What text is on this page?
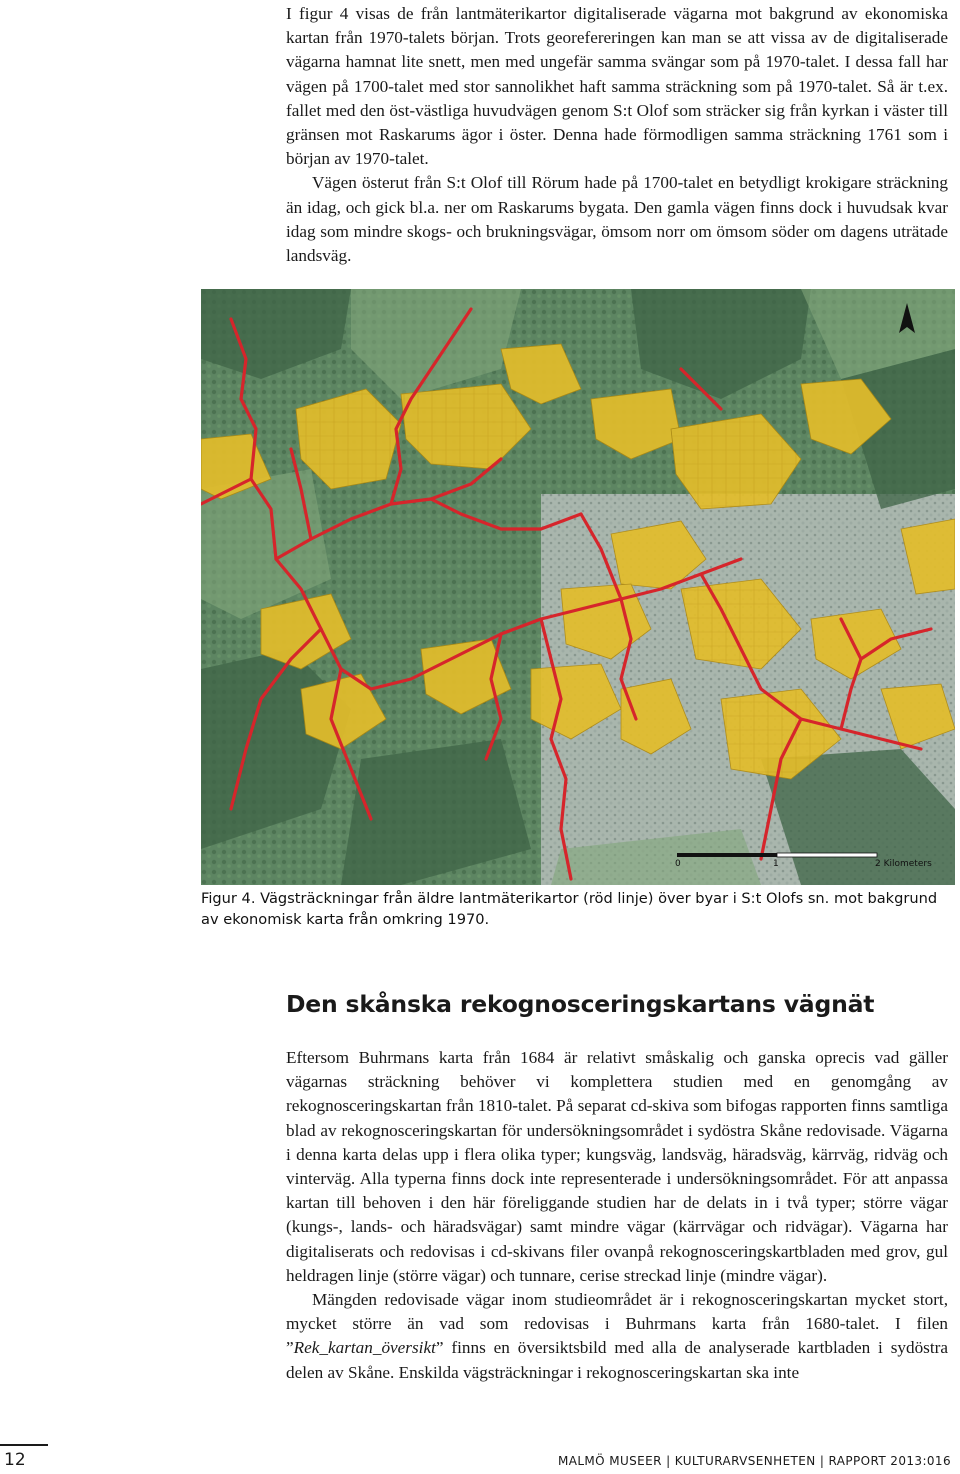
I figur 4 visas de från lantmäterikartor digitaliserade vägarna mot bakgrund av ekonomiska kartan från 1970-talets början. Trots georefereringen kan man se att vissa av de digitaliserade vägarna hamnat lite snett, men med ungefär samma svängar som på 1970-talet. I dessa fall har vägen på 1700-talet med stor sannolikhet haft samma sträckning som på 1970-talet. Så är t.ex. fallet med den öst-västliga huvudvägen genom S:t Olof som sträcker sig från kyrkan i väster till gränsen mot Raskarums ägor i öster. Denna hade förmodligen samma sträckning 1761 som i början av 1970-talet.

Vägen österut från S:t Olof till Rörum hade på 1700-talet en betydligt krokigare sträckning än idag, och gick bl.a. ner om Raskarums bygata. Den gamla vägen finns dock i huvudsak kvar idag som mindre skogs- och brukningsvägar, ömsom norr om ömsom söder om dagens uträtade landsväg.

0	1	2 Kilometers
Figur 4. Vägsträckningar från äldre lantmäterikartor (röd linje) över byar i S:t Olofs sn. mot bakgrund av ekonomisk karta från omkring 1970.
Den skånska rekognosceringskartans vägnät

Eftersom Buhrmans karta från 1684 är relativt småskalig och ganska oprecis vad gäller vägarnas sträckning behöver vi komplettera studien med en genomgång av rekognosceringskartan från 1810-talet. På separat cd-skiva som bifogas rapporten finns samtliga blad av rekognosceringskartan för undersökningsområdet i sydöstra Skåne redovisade. Vägarna i denna karta delas upp i flera olika typer; kungsväg, landsväg, häradsväg, kärrväg, ridväg och vinterväg. Alla typerna finns dock inte representerade i undersökningsområdet. För att anpassa kartan till behoven i den här föreliggande studien har de delats in i två typer; större vägar (kungs-, lands- och häradsvägar) samt mindre vägar (kärrvägar och ridvägar). Vägarna har digitaliserats och redovisas i cd-skivans filer ovanpå rekognosceringskartbladen med grov, gul heldragen linje (större vägar) och tunnare, cerise streckad linje (mindre vägar).

Mängden redovisade vägar inom studieområdet är i rekognosceringskartan mycket stort, mycket större än vad som redovisas i Buhrmans karta från 1680-talet. I filen ”Rek_kartan_översikt” finns en översiktsbild med alla de analyserade kartbladen i sydöstra delen av Skåne. Enskilda vägsträckningar i rekognosceringskartan ska inte

12	MALMÖ MUSEER | KULTURARVSENHETEN | RAPPORT 2013:016
